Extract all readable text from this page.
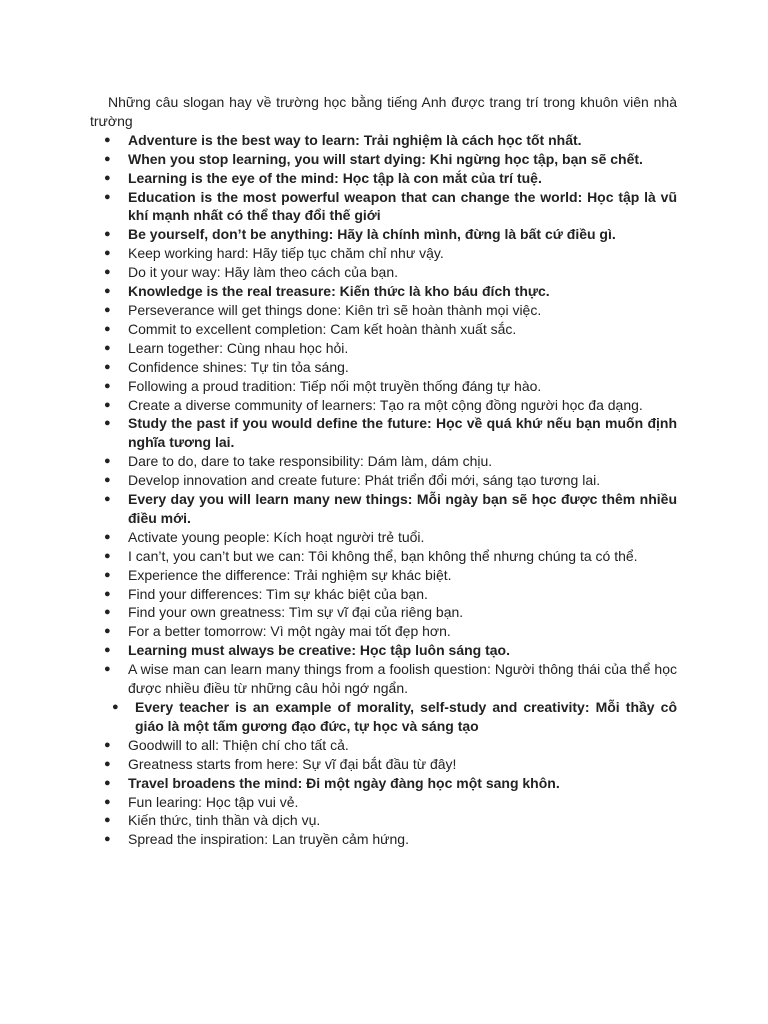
Những câu slogan hay về trường học bằng tiếng Anh được trang trí trong khuôn viên nhà trường

● Adventure is the best way to learn: Trải nghiệm là cách học tốt nhất.
● When you stop learning, you will start dying: Khi ngừng học tập, bạn sẽ chết.
● Learning is the eye of the mind: Học tập là con mắt của trí tuệ.
● Education is the most powerful weapon that can change the world: Học tập là vũ khí mạnh nhất có thể thay đổi thế giới
● Be yourself, don’t be anything: Hãy là chính mình, đừng là bất cứ điều gì.
● Keep working hard: Hãy tiếp tục chăm chỉ như vậy.
● Do it your way: Hãy làm theo cách của bạn.
● Knowledge is the real treasure: Kiến thức là kho báu đích thực.
● Perseverance will get things done: Kiên trì sẽ hoàn thành mọi việc.
● Commit to excellent completion: Cam kết hoàn thành xuất sắc.
● Learn together: Cùng nhau học hỏi.
● Confidence shines: Tự tin tỏa sáng.
● Following a proud tradition: Tiếp nối một truyền thống đáng tự hào.
● Create a diverse community of learners: Tạo ra một cộng đồng người học đa dạng.
● Study the past if you would define the future: Học về quá khứ nếu bạn muốn định nghĩa tương lai.
● Dare to do, dare to take responsibility: Dám làm, dám chịu.
● Develop innovation and create future: Phát triển đổi mới, sáng tạo tương lai.
● Every day you will learn many new things: Mỗi ngày bạn sẽ học được thêm nhiều điều mới.
● Activate young people: Kích hoạt người trẻ tuổi.
● I can’t, you can’t but we can: Tôi không thể, bạn không thể nhưng chúng ta có thể.
● Experience the difference: Trải nghiệm sự khác biệt.
● Find your differences: Tìm sự khác biệt của bạn.
● Find your own greatness: Tìm sự vĩ đại của riêng bạn.
● For a better tomorrow: Vì một ngày mai tốt đẹp hơn.
● Learning must always be creative: Học tập luôn sáng tạo.
● A wise man can learn many things from a foolish question: Người thông thái của thể học được nhiều điều từ những câu hỏi ngớ ngẩn.
● Every teacher is an example of morality, self-study and creativity: Mỗi thầy cô giáo là một tấm gương đạo đức, tự học và sáng tạo
● Goodwill to all: Thiện chí cho tất cả.
● Greatness starts from here: Sự vĩ đại bắt đầu từ đây!
● Travel broadens the mind: Đi một ngày đàng học một sang khôn.
● Fun learing: Học tập vui vẻ.
● Kiến thức, tinh thần và dịch vụ.
● Spread the inspiration: Lan truyền cảm hứng.
